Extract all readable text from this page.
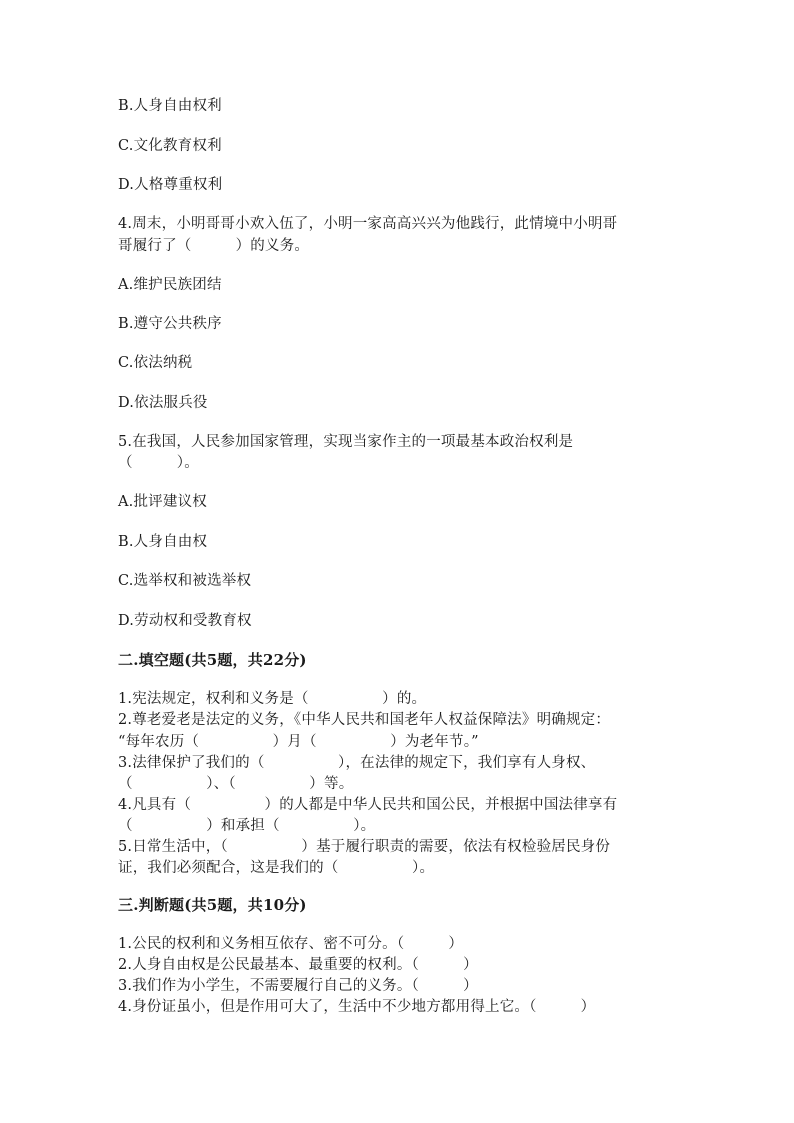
B.人身自由权利
C.文化教育权利
D.人格尊重权利
4.周末，小明哥哥小欢入伍了，小明一家高高兴兴为他践行，此情境中小明哥
哥履行了（　　　）的义务。
A.维护民族团结
B.遵守公共秩序
C.依法纳税
D.依法服兵役
5.在我国，人民参加国家管理，实现当家作主的一项最基本政治权利是
（　　　）。
A.批评建议权
B.人身自由权
C.选举权和被选举权
D.劳动权和受教育权
二.填空题(共5题，共22分)
1.宪法规定，权利和义务是（　　　　　）的。
2.尊老爱老是法定的义务，《中华人民共和国老年人权益保障法》明确规定：
“每年农历（　　　　　）月（　　　　　）为老年节。”
3.法律保护了我们的（　　　　　），在法律的规定下，我们享有人身权、
（　　　　　）、（　　　　　）等。
4.凡具有（　　　　　）的人都是中华人民共和国公民，并根据中国法律享有
（　　　　　）和承担（　　　　　）。
5.日常生活中，（　　　　　）基于履行职责的需要，依法有权检验居民身份
证，我们必须配合，这是我们的（　　　　　）。
三.判断题(共5题，共10分)
1.公民的权利和义务相互依存、密不可分。（　　　）
2.人身自由权是公民最基本、最重要的权利。（　　　）
3.我们作为小学生，不需要履行自己的义务。（　　　）
4.身份证虽小，但是作用可大了，生活中不少地方都用得上它。（　　　）
